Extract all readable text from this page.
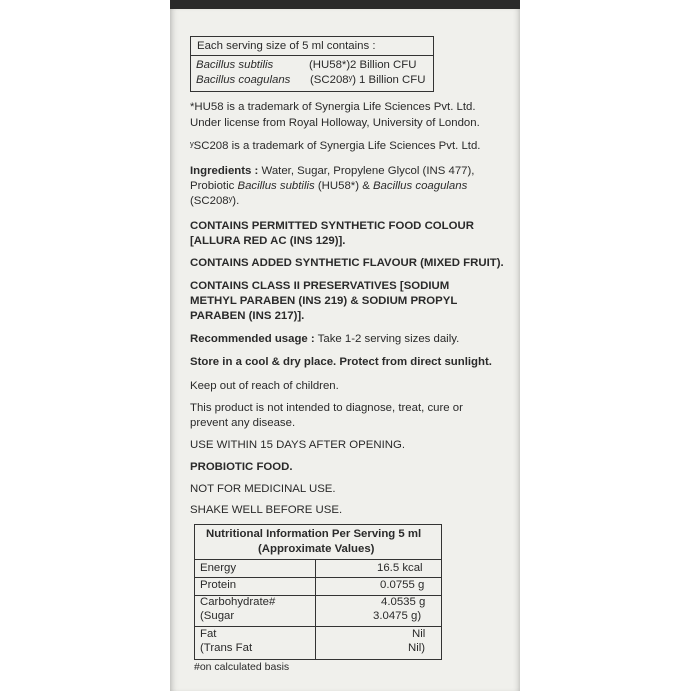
Each serving size of 5 ml contains :
Bacillus subtilis	(HU58*) 2 Billion CFU
Bacillus coagulans (SC208ʸ) 1 Billion CFU
*HU58 is a trademark of Synergia Life Sciences Pvt. Ltd.
Under license from Royal Holloway, University of London.
ʸSC208 is a trademark of Synergia Life Sciences Pvt. Ltd.
Ingredients : Water, Sugar, Propylene Glycol (INS 477),
Probiotic Bacillus subtilis (HU58*) & Bacillus coagulans
(SC208ʸ).
CONTAINS PERMITTED SYNTHETIC FOOD COLOUR
[ALLURA RED AC (INS 129)].
CONTAINS ADDED SYNTHETIC FLAVOUR (MIXED FRUIT).
CONTAINS CLASS II PRESERVATIVES [SODIUM
METHYL PARABEN (INS 219) & SODIUM PROPYL
PARABEN (INS 217)].
Recommended usage : Take 1-2 serving sizes daily.
Store in a cool & dry place. Protect from direct sunlight.
Keep out of reach of children.
This product is not intended to diagnose, treat, cure or
prevent any disease.
USE WITHIN 15 DAYS AFTER OPENING.
PROBIOTIC FOOD.
NOT FOR MEDICINAL USE.
SHAKE WELL BEFORE USE.
Nutritional Information Per Serving 5 ml
(Approximate Values)
Energy	16.5 kcal
Protein	0.0755 g
Carbohydrate#	4.0535 g
(Sugar	3.0475 g)
Fat	Nil
(Trans Fat	Nil)
#on calculated basis
